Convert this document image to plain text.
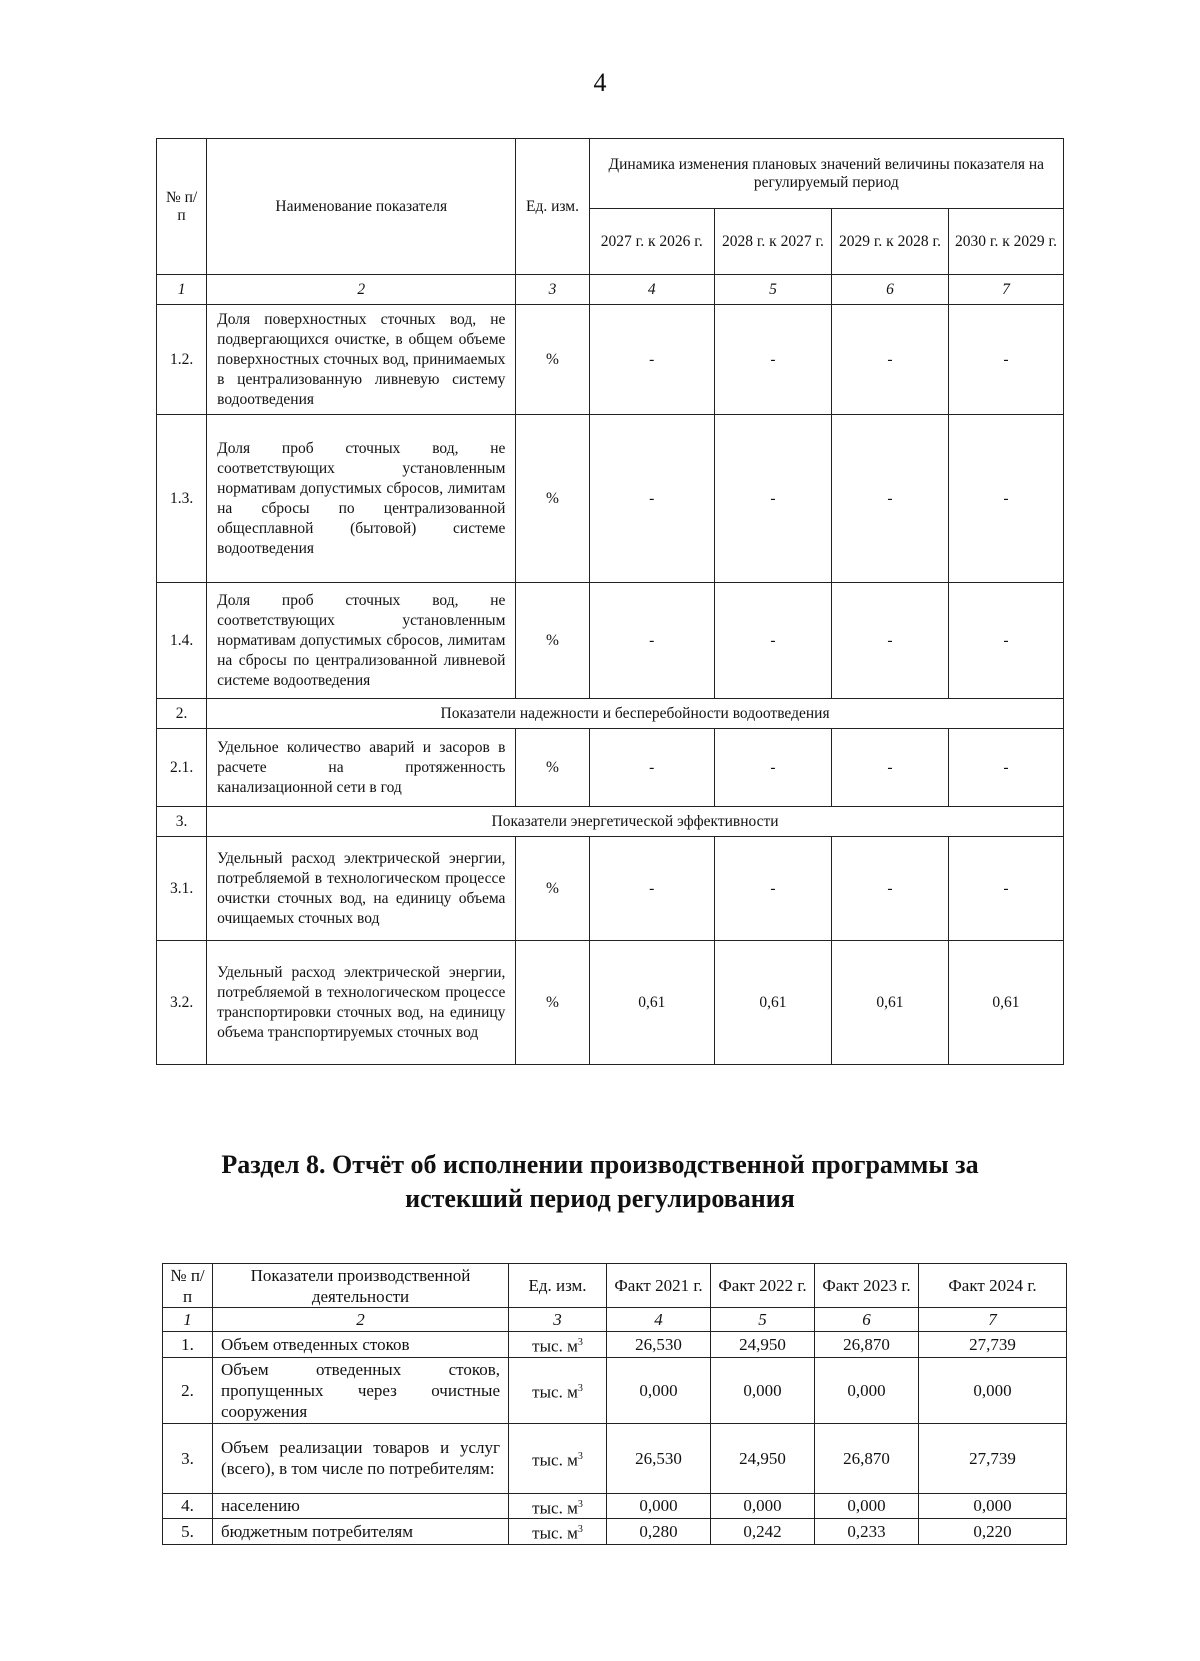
4
№ п/п	Наименование показателя	Ед. изм.	Динамика изменения плановых значений величины показателя на регулируемый период			
			2027 г. к 2026 г.	2028 г. к 2027 г.	2029 г. к 2028 г.	2030 г. к 2029 г.
1	2	3	4	5	6	7
1.2.	Доля поверхностных сточных вод, не подвергающихся очистке, в общем объеме поверхностных сточных вод, принимаемых в централизованную ливневую систему водоотведения	%	-	-	-	-
1.3.	Доля проб сточных вод, не соответствующих установленным нормативам допустимых сбросов, лимитам на сбросы по централизованной общесплавной (бытовой) системе водоотведения	%	-	-	-	-
1.4.	Доля проб сточных вод, не соответствующих установленным нормативам допустимых сбросов, лимитам на сбросы по централизованной ливневой системе водоотведения	%	-	-	-	-
2.	Показатели надежности и бесперебойности водоотведения					
2.1.	Удельное количество аварий и засоров в расчете на протяженность канализационной сети в год	%	-	-	-	-
3.	Показатели энергетической эффективности					
3.1.	Удельный расход электрической энергии, потребляемой в технологическом процессе очистки сточных вод, на единицу объема очищаемых сточных вод	%	-	-	-	-
3.2.	Удельный расход электрической энергии, потребляемой в технологическом процессе транспортировки сточных вод, на единицу объема транспортируемых сточных вод	%	0,61	0,61	0,61	0,61
Раздел 8. Отчёт об исполнении производственной программы за
истекший период регулирования
№ п/п	Показатели производственной деятельности	Ед. изм.	Факт 2021 г.	Факт 2022 г.	Факт 2023 г.	Факт 2024 г.
1	2	3	4	5	6	7
1.	Объем отведенных стоков	тыс. $м^3$	26,530	24,950	26,870	27,739
2.	Объем отведенных стоков, пропущенных через очистные сооружения	тыс. $м^3$	0,000	0,000	0,000	0,000
3.	Объем реализации товаров и услуг (всего), в том числе по потребителям:	тыс. $м^3$	26,530	24,950	26,870	27,739
4.	населению	тыс. $м^3$	0,000	0,000	0,000	0,000
5.	бюджетным потребителям	тыс. $м^3$	0,280	0,242	0,233	0,220
